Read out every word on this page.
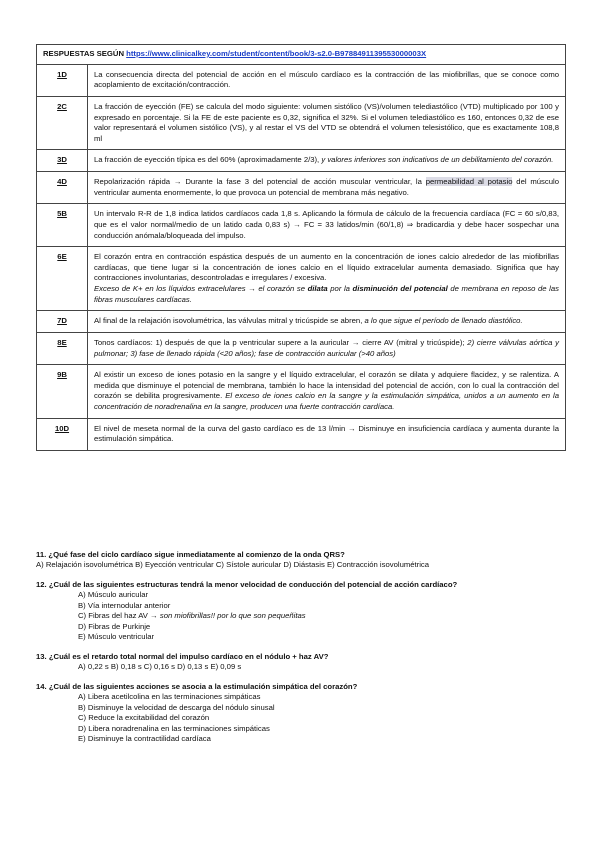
RESPUESTAS SEGÚN https://www.clinicalkey.com/student/content/book/3-s2.0-B9788491139553000003X	
1D	La consecuencia directa del potencial de acción en el músculo cardíaco es la contracción de las miofibrillas, que se conoce como acoplamiento de excitación/contracción.
2C	La fracción de eyección (FE) se calcula del modo siguiente: volumen sistólico (VS)/volumen telediastólico (VTD) multiplicado por 100 y expresado en porcentaje. Si la FE de este paciente es 0,32, significa el 32%. Si el volumen telediastólico es 160, entonces 0,32 de ese valor representará el volumen sistólico (VS), y al restar el VS del VTD se obtendrá el volumen telesistólico, que es exactamente 108,8 ml
3D	La fracción de eyección típica es del 60% (aproximadamente 2/3), y valores inferiores son indicativos de un debilitamiento del corazón.
4D	Repolarización rápida → Durante la fase 3 del potencial de acción muscular ventricular, la permeabilidad al potasio del músculo ventricular aumenta enormemente, lo que provoca un potencial de membrana más negativo.
5B	Un intervalo R-R de 1,8 indica latidos cardíacos cada 1,8 s. Aplicando la fórmula de cálculo de la frecuencia cardíaca (FC = 60 s/0,83, que es el valor normal/medio de un latido cada 0,83 s) → FC = 33 latidos/min (60/1,8) ⇒ bradicardia y debe hacer sospechar una conducción anómala/bloqueada del impulso.
6E	El corazón entra en contracción espástica después de un aumento en la concentración de iones calcio alrededor de las miofibrillas cardíacas, que tiene lugar si la concentración de iones calcio en el líquido extracelular aumenta demasiado. Significa que hay contracciones involuntarias, descontroladas e irregulares / excesiva.
Exceso de K+ en los líquidos extracelulares → el corazón se dilata por la disminución del potencial de membrana en reposo de las fibras musculares cardíacas.
7D	Al final de la relajación isovolumétrica, las válvulas mitral y tricúspide se abren, a lo que sigue el período de llenado diastólico.
8E	Tonos cardíacos: 1) después de que la p ventricular supere a la auricular → cierre AV (mitral y tricúspide); 2) cierre válvulas aórtica y pulmonar; 3) fase de llenado rápida (<20 años); fase de contracción auricular (>40 años)
9B	Al existir un exceso de iones potasio en la sangre y el líquido extracelular, el corazón se dilata y adquiere flacidez, y se ralentiza. A medida que disminuye el potencial de membrana, también lo hace la intensidad del potencial de acción, con lo cual la contracción del corazón se debilita progresivamente. El exceso de iones calcio en la sangre y la estimulación simpática, unidos a un aumento en la concentración de noradrenalina en la sangre, producen una fuerte contracción cardíaca.
10D	El nivel de meseta normal de la curva del gasto cardíaco es de 13 l/min → Disminuye en insuficiencia cardíaca y aumenta durante la estimulación simpática.
11. ¿Qué fase del ciclo cardíaco sigue inmediatamente al comienzo de la onda QRS?
A) Relajación isovolumétrica B) Eyección ventricular C) Sístole auricular D) Diástasis E) Contracción isovolumétrica
12. ¿Cuál de las siguientes estructuras tendrá la menor velocidad de conducción del potencial de acción cardíaco?
A) Músculo auricular
B) Vía internodular anterior
C) Fibras del haz AV → son miofibrillas!! por lo que son pequeñitas
D) Fibras de Purkinje
E) Músculo ventricular
13. ¿Cuál es el retardo total normal del impulso cardíaco en el nódulo + haz AV?
A) 0,22 s B) 0,18 s C) 0,16 s D) 0,13 s E) 0,09 s
14. ¿Cuál de las siguientes acciones se asocia a la estimulación simpática del corazón?
A) Libera acetilcolina en las terminaciones simpáticas
B) Disminuye la velocidad de descarga del nódulo sinusal
C) Reduce la excitabilidad del corazón
D) Libera noradrenalina en las terminaciones simpáticas
E) Disminuye la contractilidad cardíaca
